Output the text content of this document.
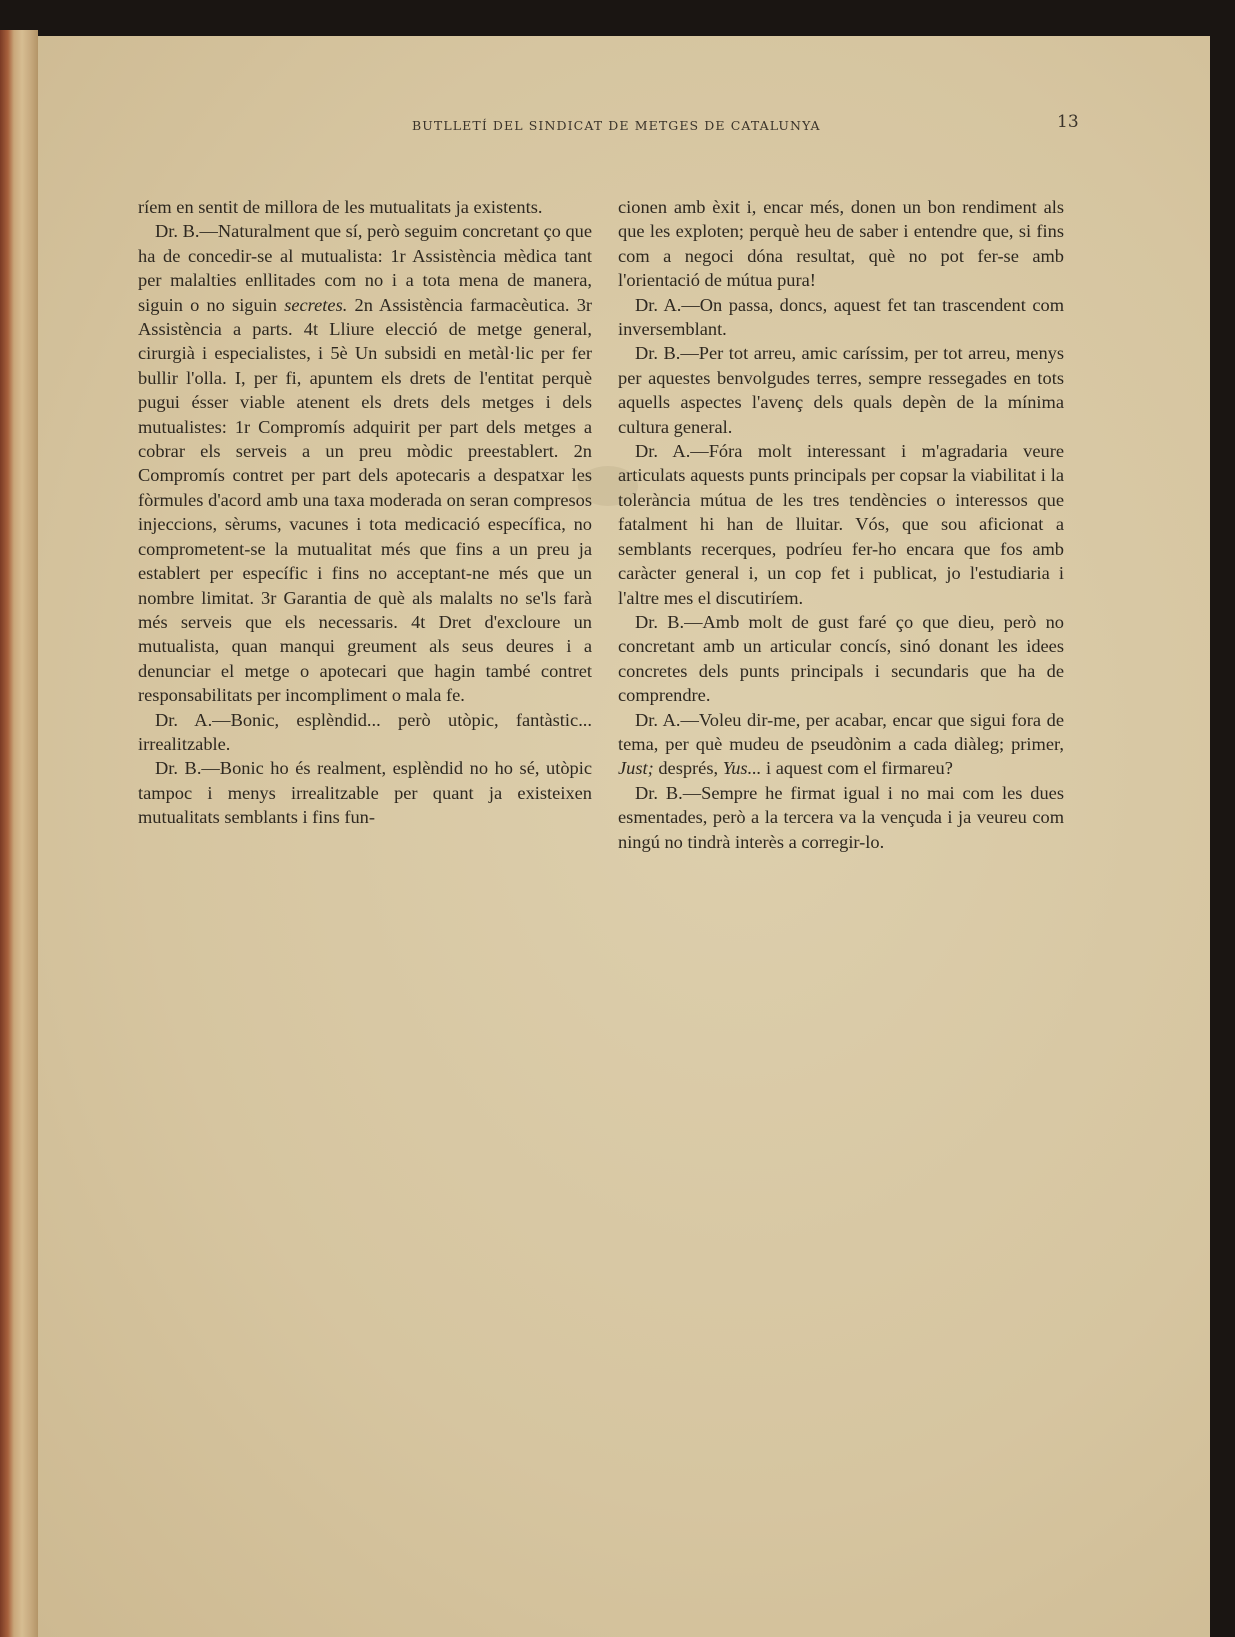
BUTLLETÍ DEL SINDICAT DE METGES DE CATALUNYA	13

ríem en sentit de millora de les mutualitats ja existents.

Dr. B.—Naturalment que sí, però seguim concretant ço que ha de concedir-se al mutualista: 1r Assistència mèdica tant per malalties enllitades com no i a tota mena de manera, siguin o no siguin secretes. 2n Assistència farmacèutica. 3r Assistència a parts. 4t Lliure elecció de metge general, cirurgià i especialistes, i 5è Un subsidi en metàl·lic per fer bullir l'olla. I, per fi, apuntem els drets de l'entitat perquè pugui ésser viable atenent els drets dels metges i dels mutualistes: 1r Compromís adquirit per part dels metges a cobrar els serveis a un preu mòdic preestablert. 2n Compromís contret per part dels apotecaris a despatxar les fòrmules d'acord amb una taxa moderada on seran compresos injeccions, sèrums, vacunes i tota medicació específica, no comprometent-se la mutualitat més que fins a un preu ja establert per específic i fins no acceptant-ne més que un nombre limitat. 3r Garantia de què als malalts no se'ls farà més serveis que els necessaris. 4t Dret d'excloure un mutualista, quan manqui greument als seus deures i a denunciar el metge o apotecari que hagin també contret responsabilitats per incompliment o mala fe.

Dr. A.—Bonic, esplèndid... però utòpic, fantàstic... irrealitzable.

Dr. B.—Bonic ho és realment, esplèndid no ho sé, utòpic tampoc i menys irrealitzable per quant ja existeixen mutualitats semblants i fins fun-

cionen amb èxit i, encar més, donen un bon rendiment als que les exploten; perquè heu de saber i entendre que, si fins com a negoci dóna resultat, què no pot fer-se amb l'orientació de mútua pura!

Dr. A.—On passa, doncs, aquest fet tan trascendent com inversemblant.

Dr. B.—Per tot arreu, amic caríssim, per tot arreu, menys per aquestes benvolgudes terres, sempre ressegades en tots aquells aspectes l'avenç dels quals depèn de la mínima cultura general.

Dr. A.—Fóra molt interessant i m'agradaria veure articulats aquests punts principals per copsar la viabilitat i la tolerància mútua de les tres tendències o interessos que fatalment hi han de lluitar. Vós, que sou aficionat a semblants recerques, podríeu fer-ho encara que fos amb caràcter general i, un cop fet i publicat, jo l'estudiaria i l'altre mes el discutiríem.

Dr. B.—Amb molt de gust faré ço que dieu, però no concretant amb un articular concís, sinó donant les idees concretes dels punts principals i secundaris que ha de comprendre.

Dr. A.—Voleu dir-me, per acabar, encar que sigui fora de tema, per què mudeu de pseudònim a cada diàleg; primer, Just; després, Yus... i aquest com el firmareu?

Dr. B.—Sempre he firmat igual i no mai com les dues esmentades, però a la tercera va la vençuda i ja veureu com ningú no tindrà interès a corregir-lo.
